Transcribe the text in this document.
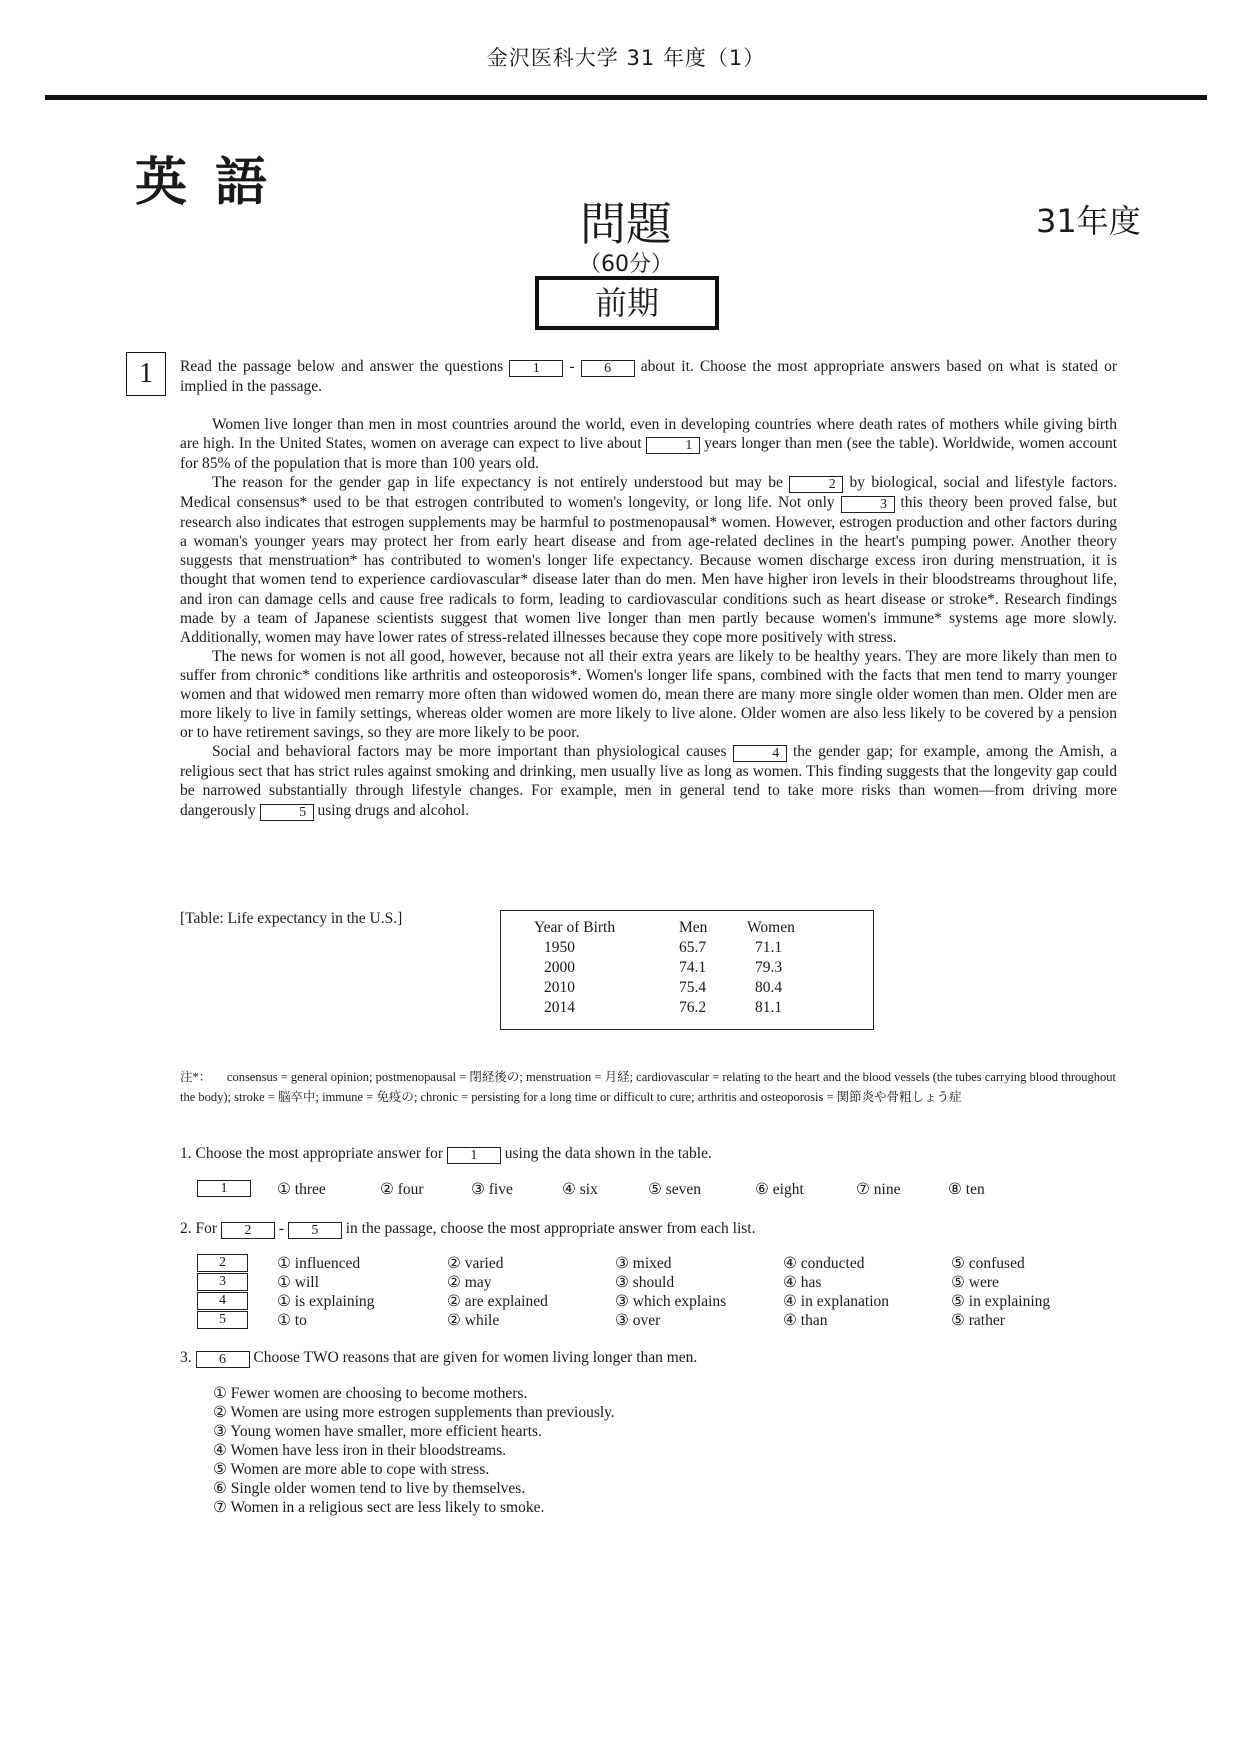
金沢医科大学 31 年度（1）
英語
問題	31年度
（60分）
前期
1	Read the passage below and answer the questions 1 - 6 about it. Choose the most appropriate answers based on what is stated or implied in the passage.

Women live longer than men in most countries around the world, even in developing countries where death rates of mothers while giving birth are high. In the United States, women on average can expect to live about	1 years longer than men (see the table). Worldwide, women account for 85% of the population that is more than 100 years old.

The reason for the gender gap in life expectancy is not entirely understood but may be	2 by biological, social and lifestyle factors. Medical consensus* used to be that estrogen contributed to women's longevity, or long life. Not only	3 this theory been proved false, but research also indicates that estrogen supplements may be harmful to postmenopausal* women. However, estrogen production and other factors during a woman's younger years may protect her from early heart disease and from age-related declines in the heart's pumping power. Another theory suggests that menstruation* has contributed to women's longer life expectancy. Because women discharge excess iron during menstruation, it is thought that women tend to experience cardiovascular* disease later than do men. Men have higher iron levels in their bloodstreams throughout life, and iron can damage cells and cause free radicals to form, leading to cardiovascular conditions such as heart disease or stroke*. Research findings made by a team of Japanese scientists suggest that women live longer than men partly because women's immune* systems age more slowly. Additionally, women may have lower rates of stress-related illnesses because they cope more positively with stress.

The news for women is not all good, however, because not all their extra years are likely to be healthy years. They are more likely than men to suffer from chronic* conditions like arthritis and osteoporosis*. Women's longer life spans, combined with the facts that men tend to marry younger women and that widowed men remarry more often than widowed women do, mean there are many more single older women than men. Older men are more likely to live in family settings, whereas older women are more likely to live alone. Older women are also less likely to be covered by a pension or to have retirement savings, so they are more likely to be poor.

Social and behavioral factors may be more important than physiological causes	4 the gender gap; for example, among the Amish, a religious sect that has strict rules against smoking and drinking, men usually live as long as women. This finding suggests that the longevity gap could be narrowed substantially through lifestyle changes. For example, men in general tend to take more risks than women—from driving more dangerously	5 using drugs and alcohol.

[Table: Life expectancy in the U.S.]
Year of Birth	Men	Women
1950	65.7	71.1
2000	74.1	79.3
2010	75.4	80.4
2014	76.2	81.1
注*： consensus = general opinion; postmenopausal = 閉経後の; menstruation = 月経; cardiovascular = relating to the heart and the blood vessels (the tubes carrying blood throughout the body); stroke = 脳卒中; immune = 免疫の; chronic = persisting for a long time or difficult to cure; arthritis and osteoporosis = 関節炎や骨粗しょう症
1. Choose the most appropriate answer for 1 using the data shown in the table.
1	① three	② four	③ five	④ six	⑤ seven	⑥ eight	⑦ nine	⑧ ten
2. For 2 - 5 in the passage, choose the most appropriate answer from each list.
2	① influenced	② varied	③ mixed	④ conducted	⑤ confused
3	① will	② may	③ should	④ has	⑤ were
4	① is explaining	② are explained	③ which explains	④ in explanation	⑤ in explaining
5	① to	② while	③ over	④ than	⑤ rather
3. 6 Choose TWO reasons that are given for women living longer than men.
① Fewer women are choosing to become mothers.
② Women are using more estrogen supplements than previously.
③ Young women have smaller, more efficient hearts.
④ Women have less iron in their bloodstreams.
⑤ Women are more able to cope with stress.
⑥ Single older women tend to live by themselves.
⑦ Women in a religious sect are less likely to smoke.
